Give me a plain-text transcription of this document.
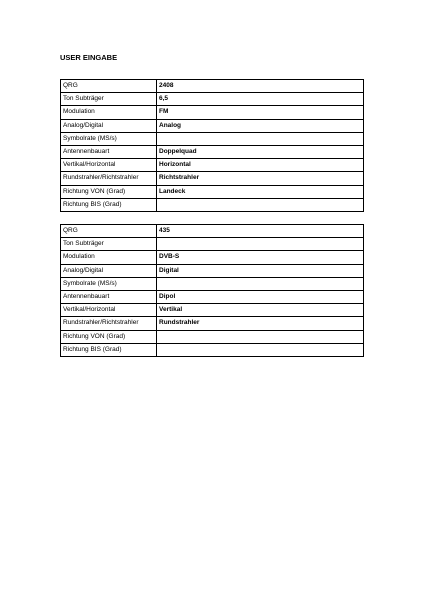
USER EINGABE
QRG	2408
Ton Subträger	6,5
Modulation	FM
Analog/Digital	Analog
Symbolrate (MS/s)	
Antennenbauart	Doppelquad
Vertikal/Horizontal	Horizontal
Rundstrahler/Richtstrahler	Richtstrahler
Richtung VON (Grad)	Landeck
Richtung BIS (Grad)	
QRG	435
Ton Subträger	
Modulation	DVB-S
Analog/Digital	Digital
Symbolrate (MS/s)	
Antennenbauart	Dipol
Vertikal/Horizontal	Vertikal
Rundstrahler/Richtstrahler	Rundstrahler
Richtung VON (Grad)	
Richtung BIS (Grad)	
